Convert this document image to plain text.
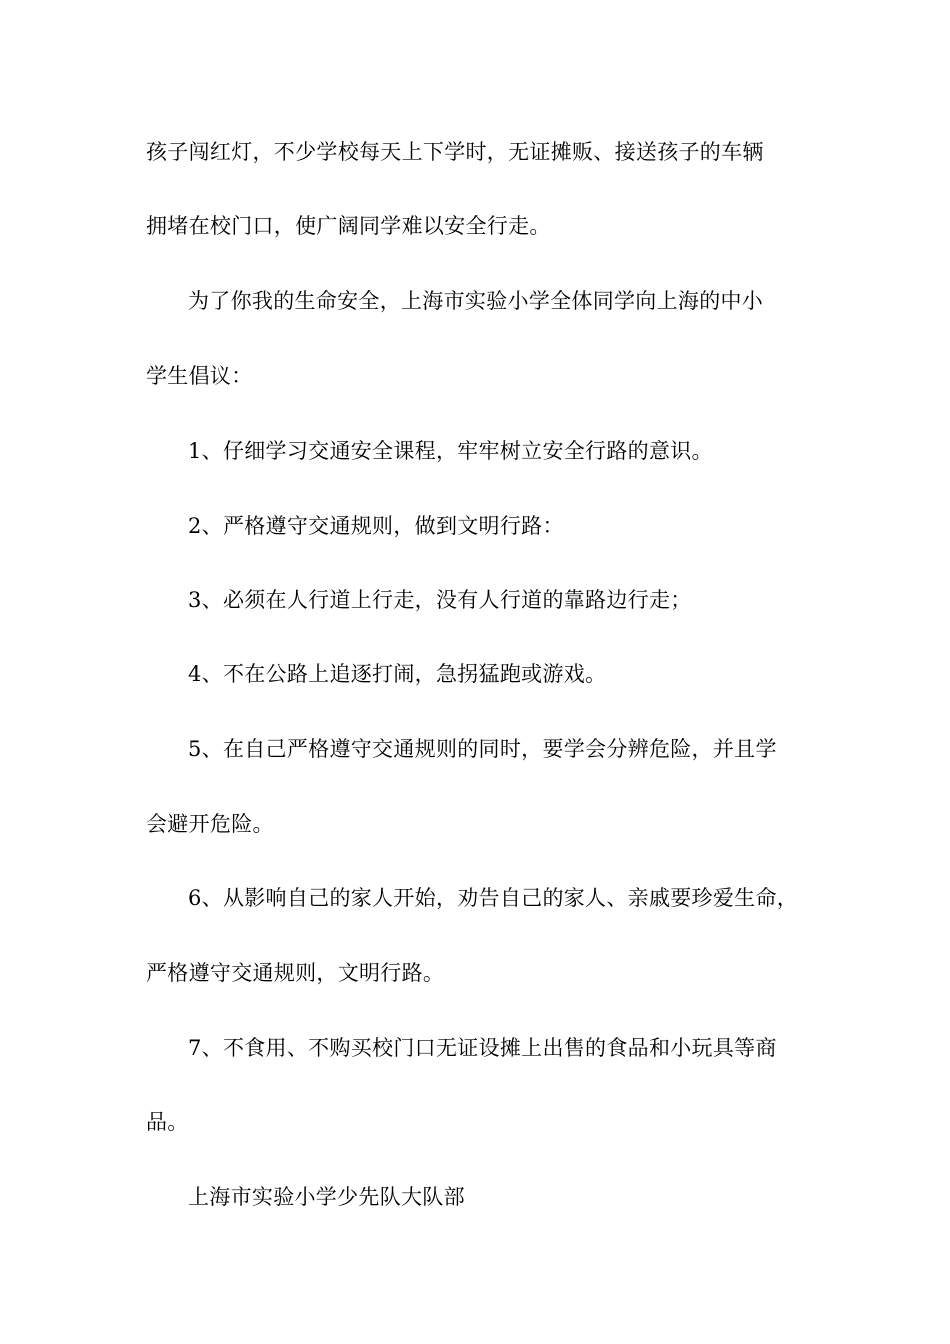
孩子闯红灯，不少学校每天上下学时，无证摊贩、接送孩子的车辆
拥堵在校门口，使广阔同学难以安全行走。
为了你我的生命安全，上海市实验小学全体同学向上海的中小
学生倡议：
1、仔细学习交通安全课程，牢牢树立安全行路的意识。
2、严格遵守交通规则，做到文明行路：
3、必须在人行道上行走，没有人行道的靠路边行走；
4、不在公路上追逐打闹，急拐猛跑或游戏。
5、在自己严格遵守交通规则的同时，要学会分辨危险，并且学
会避开危险。
6、从影响自己的家人开始，劝告自己的家人、亲戚要珍爱生命，
严格遵守交通规则，文明行路。
7、不食用、不购买校门口无证设摊上出售的食品和小玩具等商
品。
上海市实验小学少先队大队部
